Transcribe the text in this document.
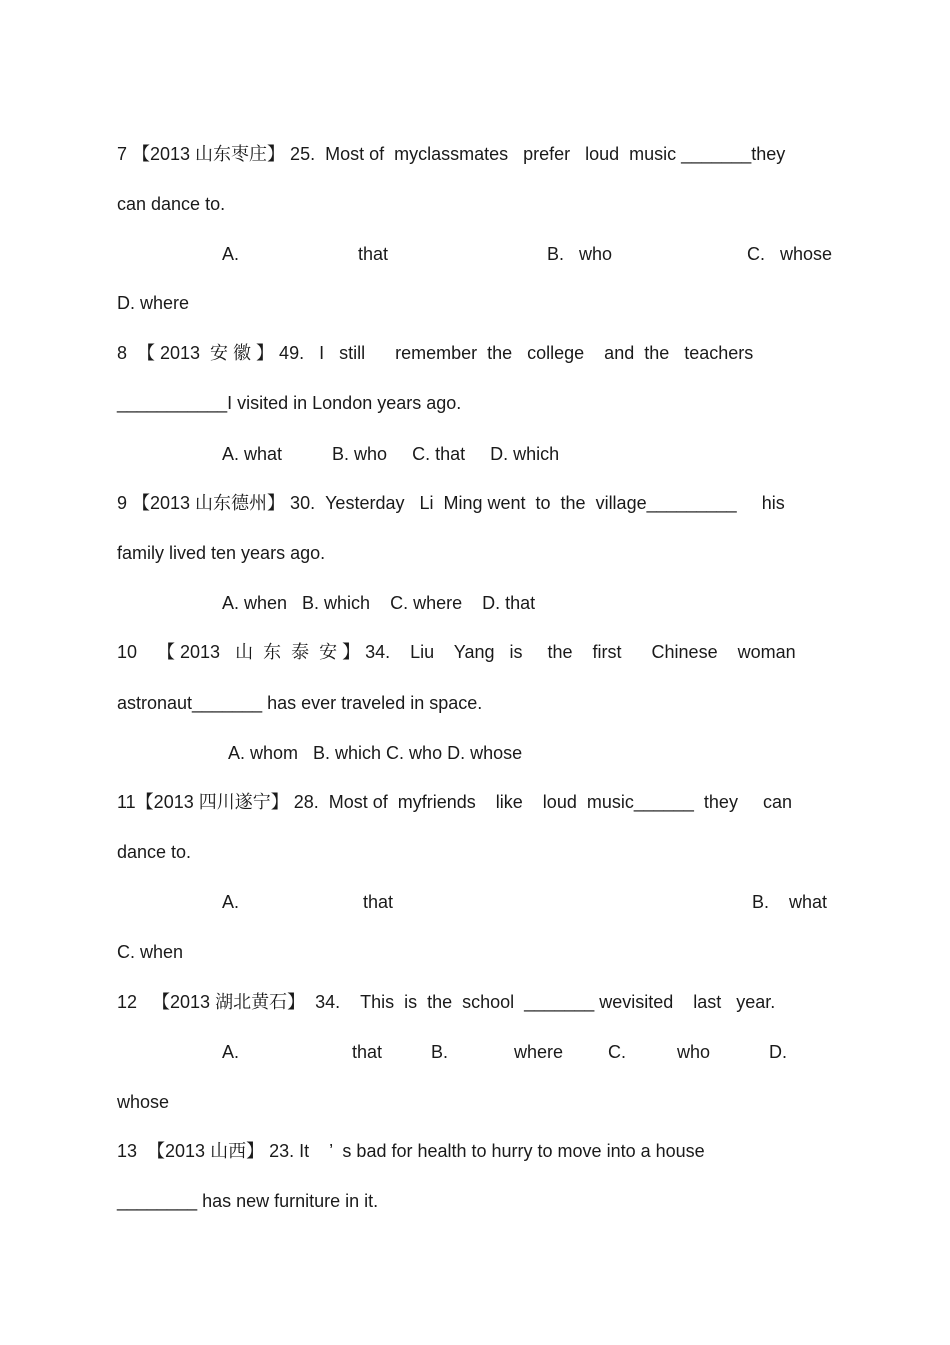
7 【2013 山东枣庄】 25.  Most of  myclassmates   prefer   loud  music _______they
can dance to.
A.	that	B.   who	C.   whose
D. where
8  【 2013  安 徽 】 49.   I   still      remember  the   college    and  the   teachers
___________I visited in London years ago.
A. what          B. who     C. that     D. which
9 【2013 山东德州】 30.  Yesterday   Li  Ming went  to  the  village_________     his
family lived ten years ago.
A. when   B. which    C. where    D. that
10    【 2013   山  东  泰  安 】 34.    Liu    Yang   is     the    first      Chinese    woman
astronaut_______ has ever traveled in space.
A. whom   B. which C. who D. whose
11【2013 四川遂宁】 28.  Most of  myfriends    like    loud  music______  they     can
dance to.
A.	that	B.    what
C. when
12   【2013 湖北黄石】  34.    This  is  the  school  _______ wevisited    last   year.
A.	that	B.	where C.	who	D.
whose
13  【2013 山西】 23. It    ’  s bad for health to hurry to move into a house
________ has new furniture in it.
